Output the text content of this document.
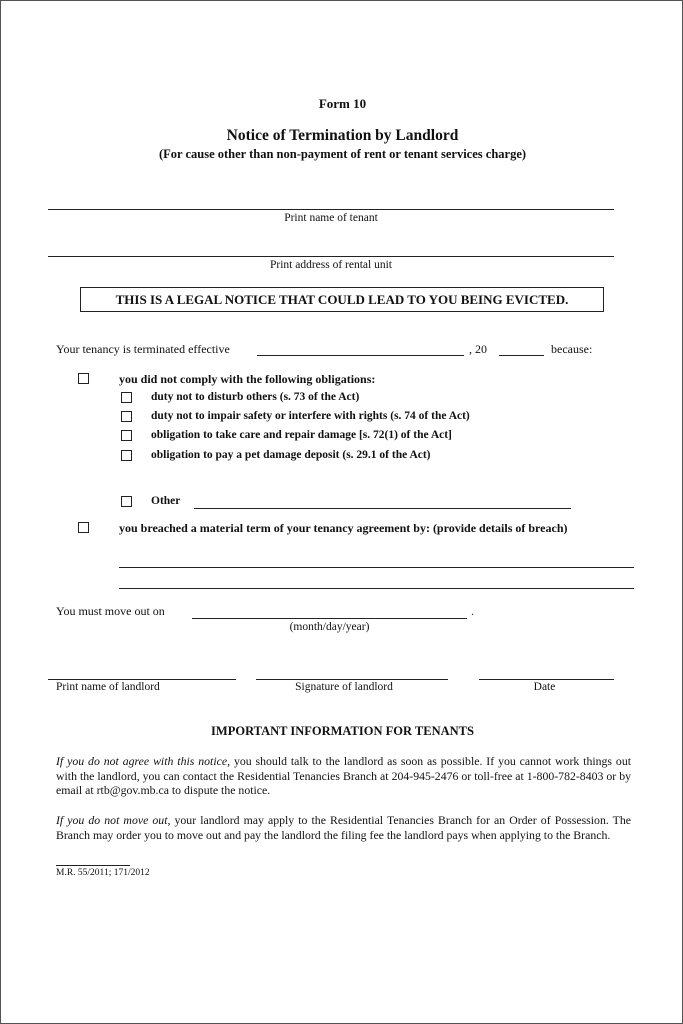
Form 10
Notice of Termination by Landlord
(For cause other than non-payment of rent or tenant services charge)
Print name of tenant
Print address of rental unit
THIS IS A LEGAL NOTICE THAT COULD LEAD TO YOU BEING EVICTED.
Your tenancy is terminated effective	, 20	because:
you did not comply with the following obligations:
duty not to disturb others (s. 73 of the Act)
duty not to impair safety or interfere with rights (s. 74 of the Act)
obligation to take care and repair damage [s. 72(1) of the Act]
obligation to pay a pet damage deposit (s. 29.1 of the Act)
Other
you breached a material term of your tenancy agreement by: (provide details of breach)
You must move out on	.
(month/day/year)
Print name of landlord	Signature of landlord	Date
IMPORTANT INFORMATION FOR TENANTS
If you do not agree with this notice, you should talk to the landlord as soon as possible. If you cannot work things out with the landlord, you can contact the Residential Tenancies Branch at 204-945-2476 or toll-free at 1-800-782-8403 or by email at rtb@gov.mb.ca to dispute the notice.
If you do not move out, your landlord may apply to the Residential Tenancies Branch for an Order of Possession. The Branch may order you to move out and pay the landlord the filing fee the landlord pays when applying to the Branch.
M.R. 55/2011; 171/2012
